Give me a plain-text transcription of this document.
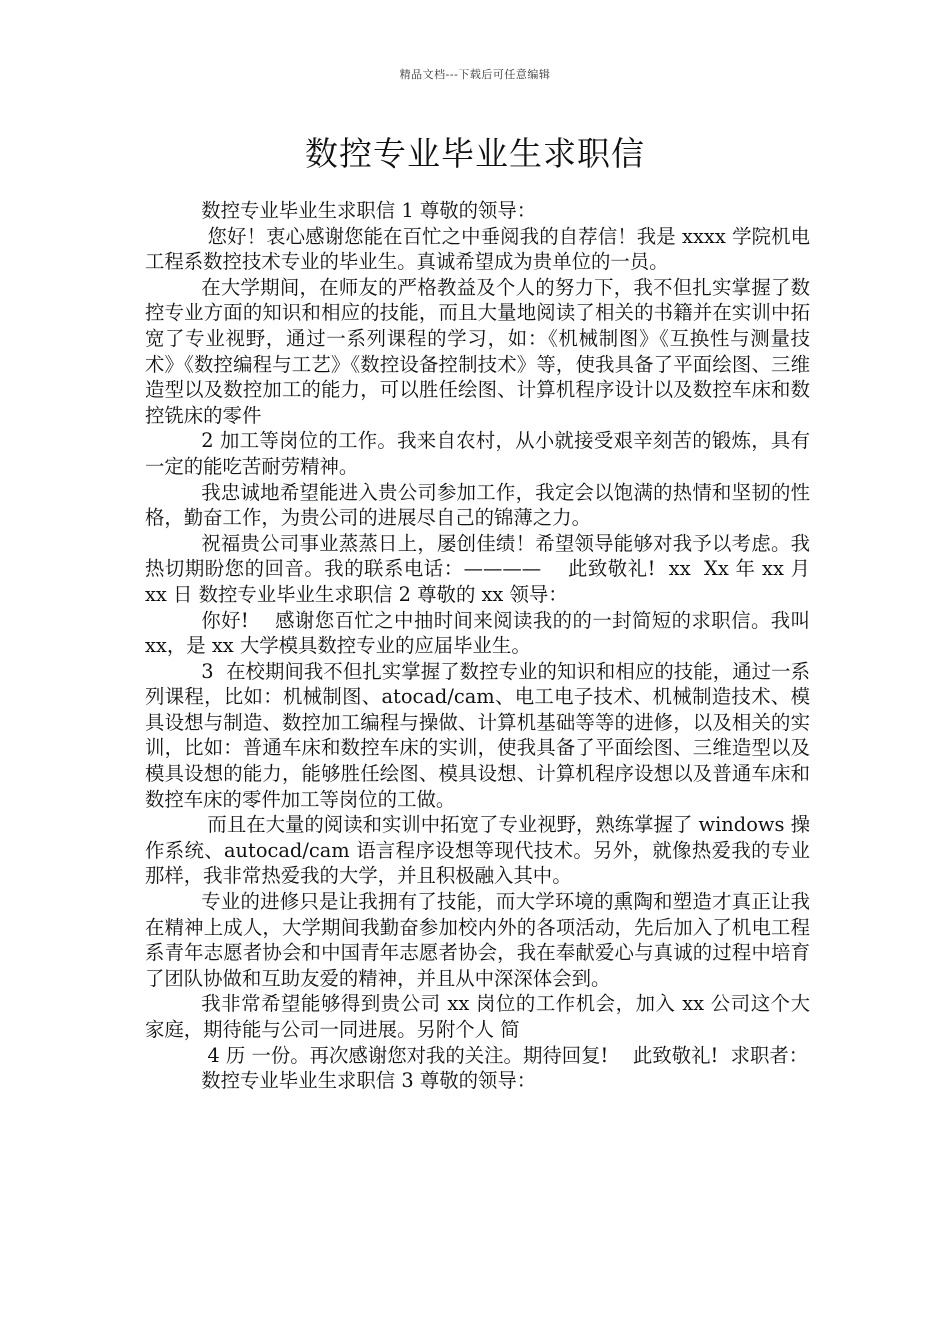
精品文档---下载后可任意编辑
数控专业毕业生求职信

数控专业毕业生求职信 1 尊敬的领导：

您好！衷心感谢您能在百忙之中垂阅我的自荐信！我是 xxxx 学院机电工程系数控技术专业的毕业生。真诚希望成为贵单位的一员。

在大学期间，在师友的严格教益及个人的努力下，我不但扎实掌握了数控专业方面的知识和相应的技能，而且大量地阅读了相关的书籍并在实训中拓宽了专业视野，通过一系列课程的学习，如：《机械制图》《互换性与测量技术》《数控编程与工艺》《数控设备控制技术》等，使我具备了平面绘图、三维造型以及数控加工的能力，可以胜任绘图、计算机程序设计以及数控车床和数控铣床的零件

2 加工等岗位的工作。我来自农村，从小就接受艰辛刻苦的锻炼，具有一定的能吃苦耐劳精神。

我忠诚地希望能进入贵公司参加工作，我定会以饱满的热情和坚韧的性格，勤奋工作，为贵公司的进展尽自己的锦薄之力。

祝福贵公司事业蒸蒸日上，屡创佳绩！希望领导能够对我予以考虑。我热切期盼您的回音。我的联系电话：————    此致敬礼!  xx  Xx 年 xx 月 xx 日 数控专业毕业生求职信 2 尊敬的 xx 领导：

你好!    感谢您百忙之中抽时间来阅读我的的一封简短的求职信。我叫 xx，是 xx 大学模具数控专业的应届毕业生。

3  在校期间我不但扎实掌握了数控专业的知识和相应的技能，通过一系列课程，比如：机械制图、atocad/cam、电工电子技术、机械制造技术、模具设想与制造、数控加工编程与操做、计算机基础等等的进修，以及相关的实训，比如：普通车床和数控车床的实训，使我具备了平面绘图、三维造型以及模具设想的能力，能够胜任绘图、模具设想、计算机程序设想以及普通车床和数控车床的零件加工等岗位的工做。

而且在大量的阅读和实训中拓宽了专业视野，熟练掌握了 windows 操作系统、autocad/cam 语言程序设想等现代技术。另外，就像热爱我的专业那样，我非常热爱我的大学，并且积极融入其中。

专业的进修只是让我拥有了技能，而大学环境的熏陶和塑造才真正让我在精神上成人，大学期间我勤奋参加校内外的各项活动，先后加入了机电工程系青年志愿者协会和中国青年志愿者协会，我在奉献爱心与真诚的过程中培育了团队协做和互助友爱的精神，并且从中深深体会到。

我非常希望能够得到贵公司 xx 岗位的工作机会，加入 xx 公司这个大家庭，期待能与公司一同进展。另附个人 简

4 历 一份。再次感谢您对我的关注。期待回复!    此致敬礼!  求职者：

数控专业毕业生求职信 3 尊敬的领导：
